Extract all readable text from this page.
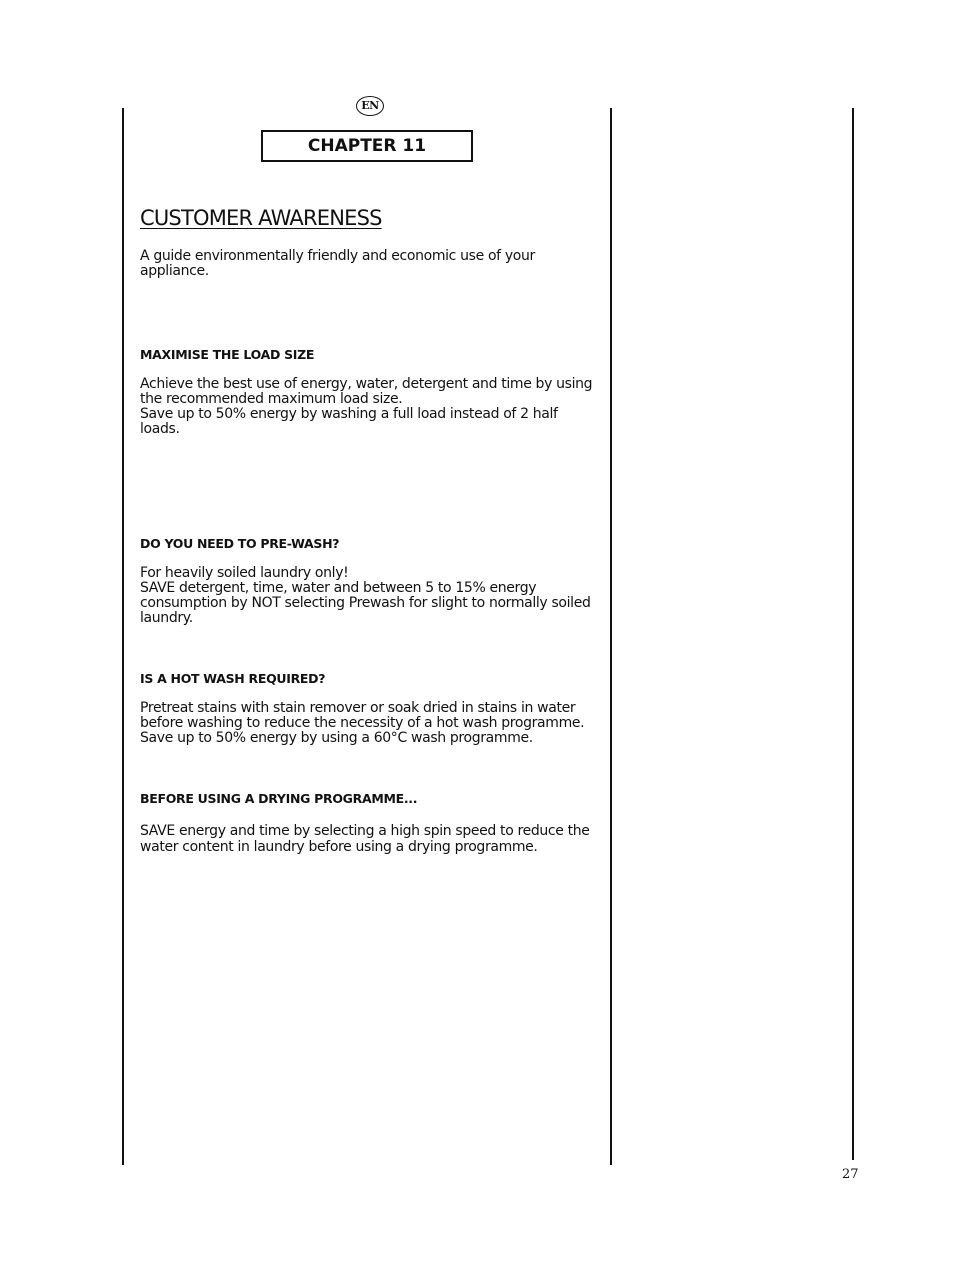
EN
CHAPTER 11
CUSTOMER AWARENESS
A guide environmentally friendly and economic use of your appliance.
MAXIMISE THE LOAD SIZE

Achieve the best use of energy, water, detergent and time by using the recommended maximum load size.

Save up to 50% energy by washing a full load instead of 2 half loads.

DO YOU NEED TO PRE-WASH?

For heavily soiled laundry only!

SAVE detergent, time, water and between 5 to 15% energy consumption by NOT selecting Prewash for slight to normally soiled laundry.

IS A HOT WASH REQUIRED?

Pretreat stains with stain remover or soak dried in stains in water before washing to reduce the necessity of a hot wash programme.

Save up to 50% energy by using a 60°C wash programme.

BEFORE USING A DRYING PROGRAMME...

SAVE energy and time by selecting a high spin speed to reduce the water content in laundry before using a drying programme.

27
